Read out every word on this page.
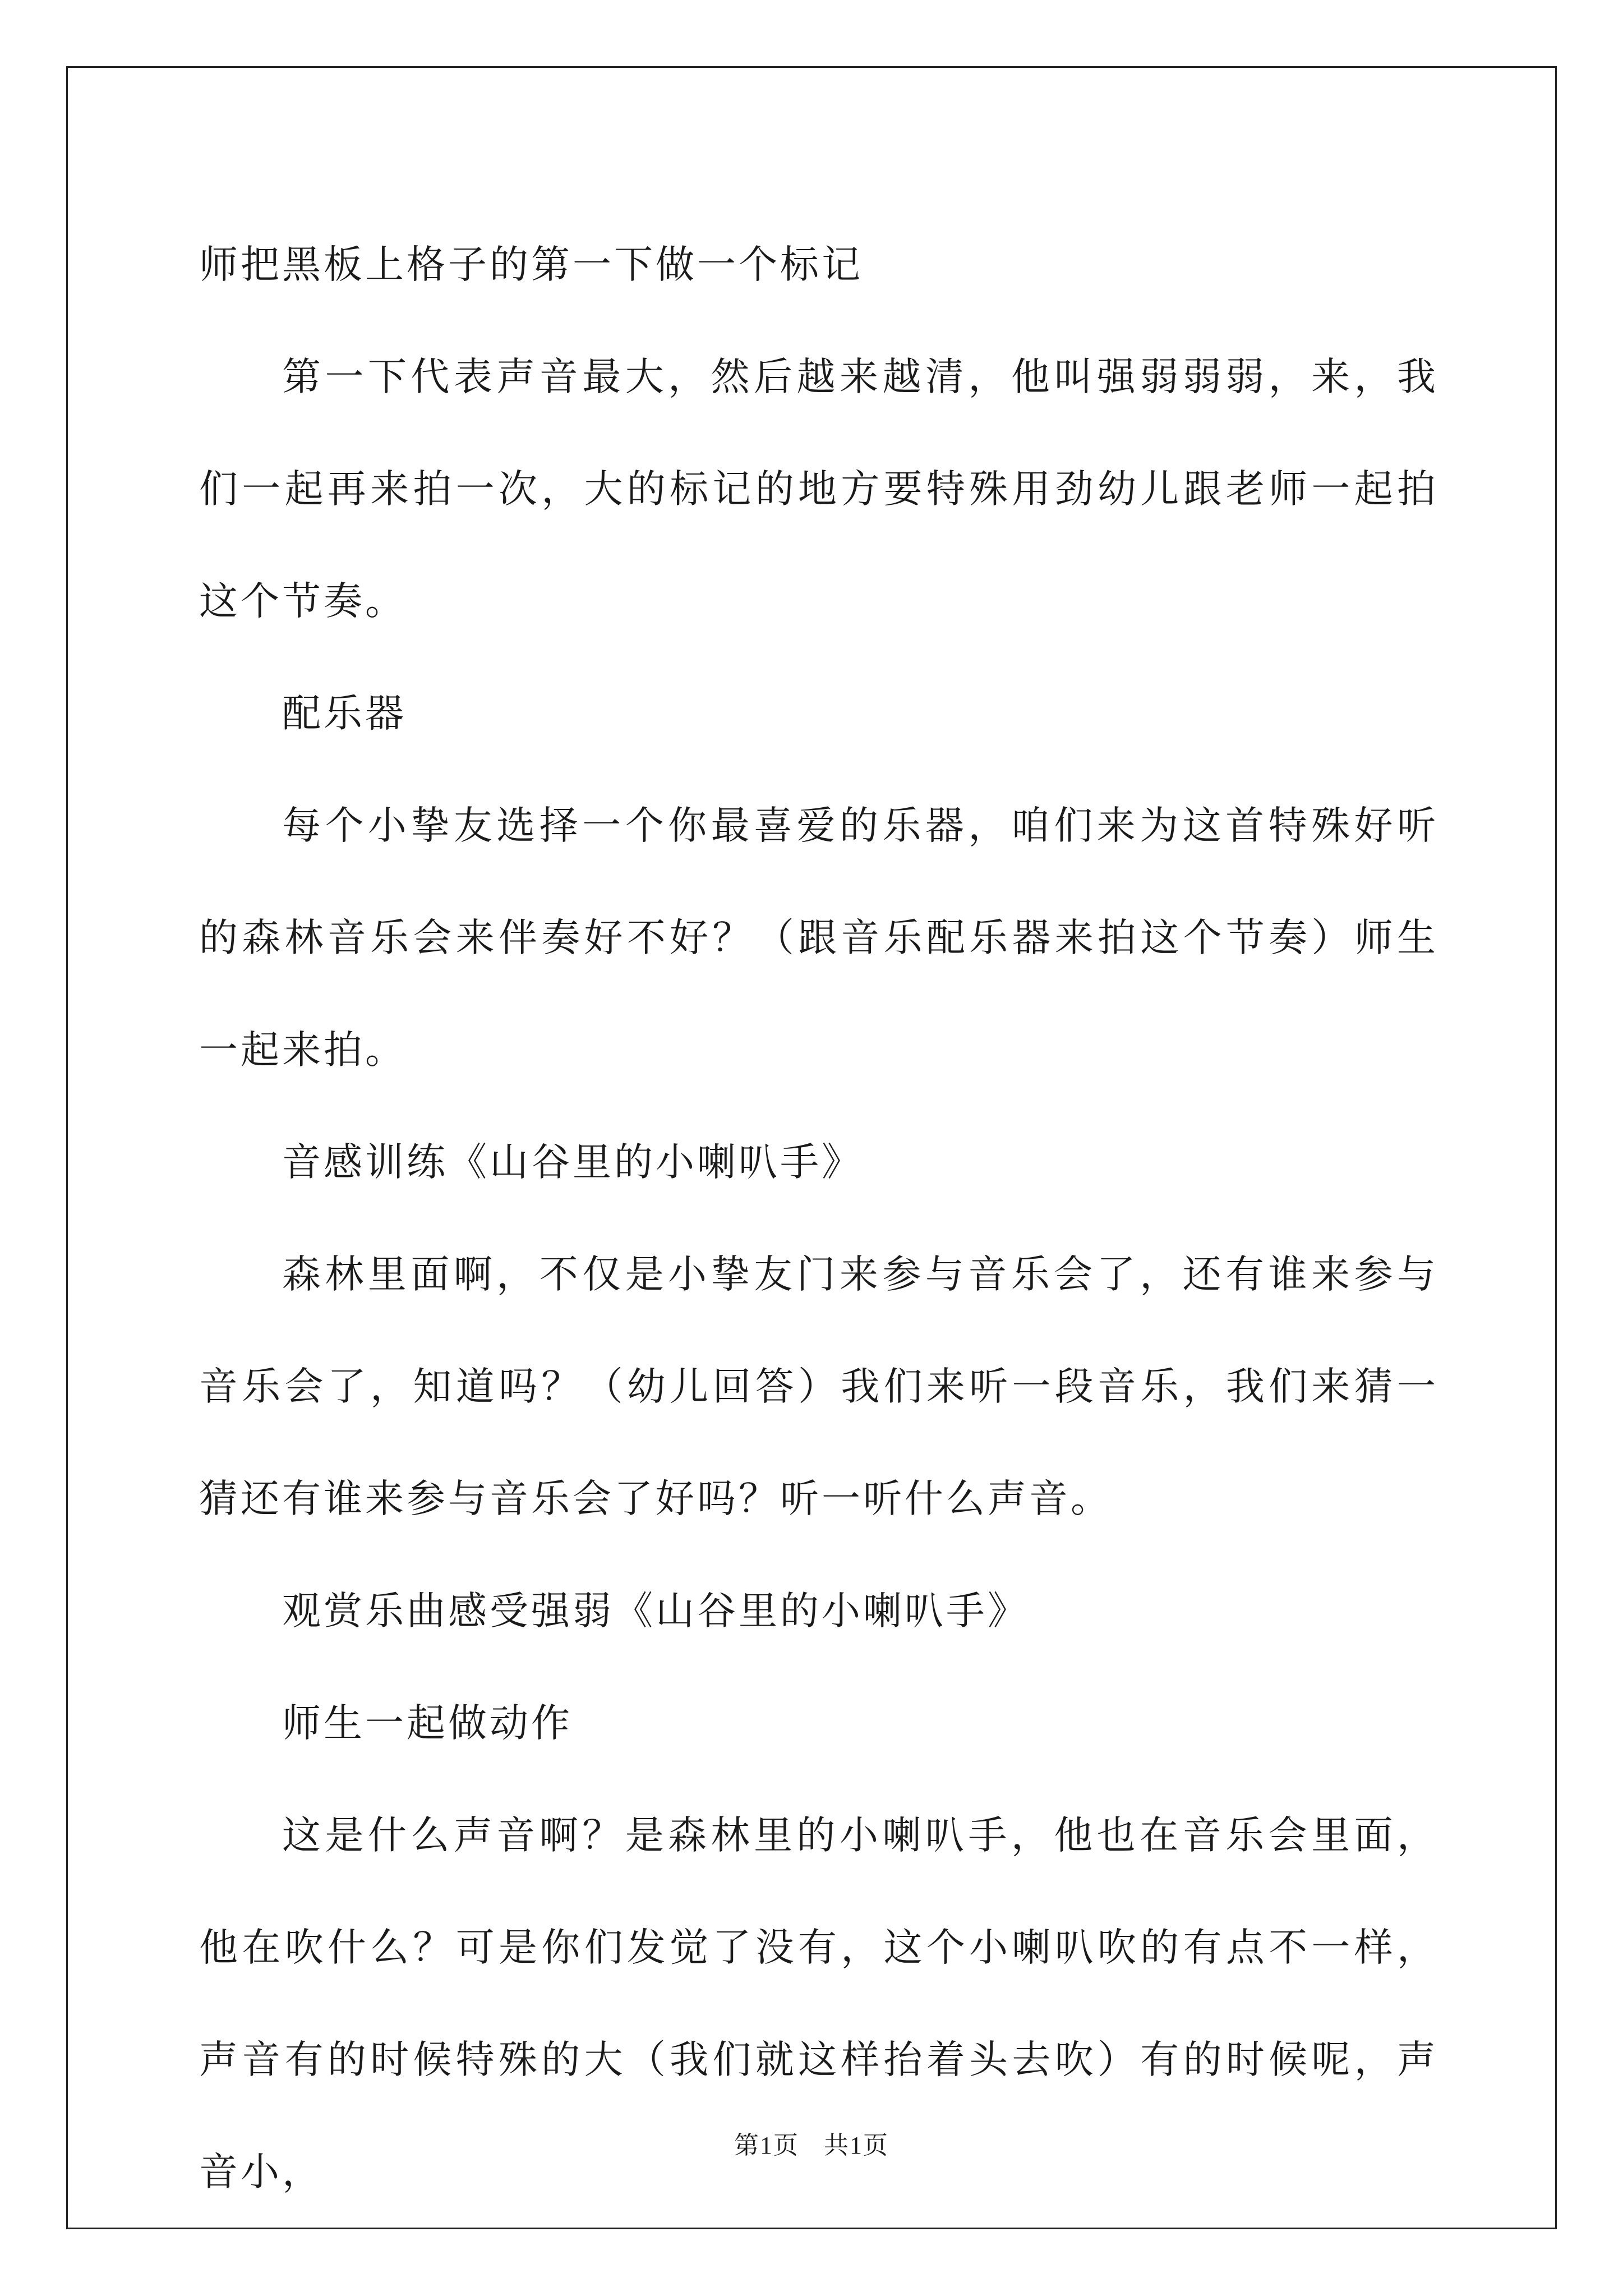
师把黑板上格子的第一下做一个标记

第一下代表声音最大，然后越来越清，他叫强弱弱弱，来，我们一起再来拍一次，大的标记的地方要特殊用劲幼儿跟老师一起拍这个节奏。

配乐器

每个小挚友选择一个你最喜爱的乐器，咱们来为这首特殊好听的森林音乐会来伴奏好不好？（跟音乐配乐器来拍这个节奏）师生一起来拍。

音感训练《山谷里的小喇叭手》

森林里面啊，不仅是小挚友门来参与音乐会了，还有谁来参与音乐会了，知道吗？（幼儿回答）我们来听一段音乐，我们来猜一猜还有谁来参与音乐会了好吗？听一听什么声音。

观赏乐曲感受强弱《山谷里的小喇叭手》

师生一起做动作

这是什么声音啊？是森林里的小喇叭手，他也在音乐会里面，他在吹什么？可是你们发觉了没有，这个小喇叭吹的有点不一样，声音有的时候特殊的大（我们就这样抬着头去吹）有的时候呢，声音小，

第1页 共1页
